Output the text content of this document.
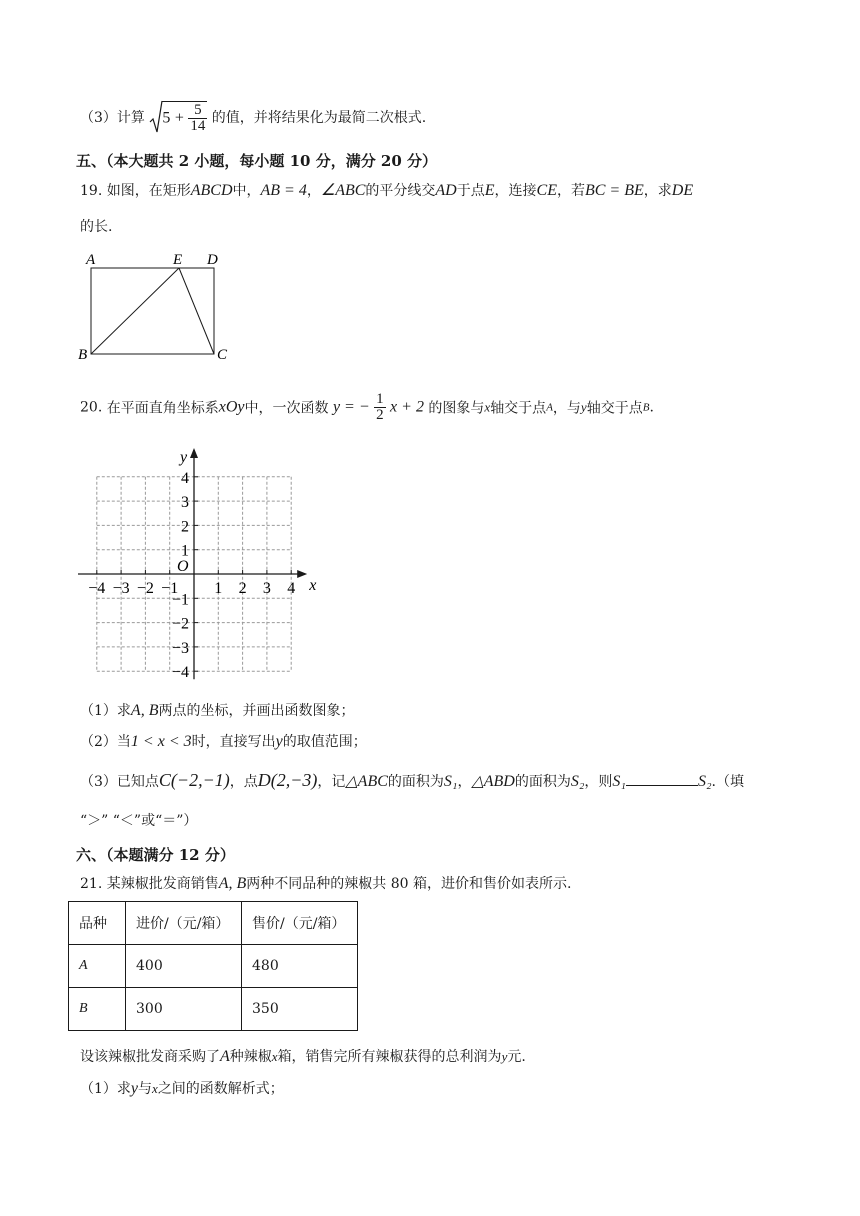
（3）计算 $5 + \frac{5}{14}$ 的值，并将结果化为最简二次根式.
五、（本大题共 2 小题，每小题 10 分，满分 20 分）
19. 如图，在矩形ABCD中，AB = 4，∠ABC的平分线交AD于点E，连接CE，若BC = BE，求DE
的长.
A	E D
B	C
20. 在平面直角坐标系xOy中，一次函数 y = − $\frac{1}{2}$ x + 2 的图象与x轴交于点A，与y轴交于点B.
y
x
O
−4 −3 −2 −1 1 2 3 4
4
3
2
1
−1
−2
−3
−4
（1）求A, B两点的坐标，并画出函数图象；
（2）当1 < x < 3时，直接写出y的取值范围；
（3）已知点C(−2,−1)，点D(2,−3)，记△ABC的面积为S₁，△ABD的面积为S₂，则S₁	S₂.（填
“＞” “＜”或“＝”）
六、（本题满分 12 分）
21. 某辣椒批发商销售A, B两种不同品种的辣椒共 80 箱，进价和售价如表所示.
品种	进价/（元/箱）	售价/（元/箱）
A	400	480
B	300	350
设该辣椒批发商采购了A种辣椒x箱，销售完所有辣椒获得的总利润为y元.
（1）求y与x之间的函数解析式；
